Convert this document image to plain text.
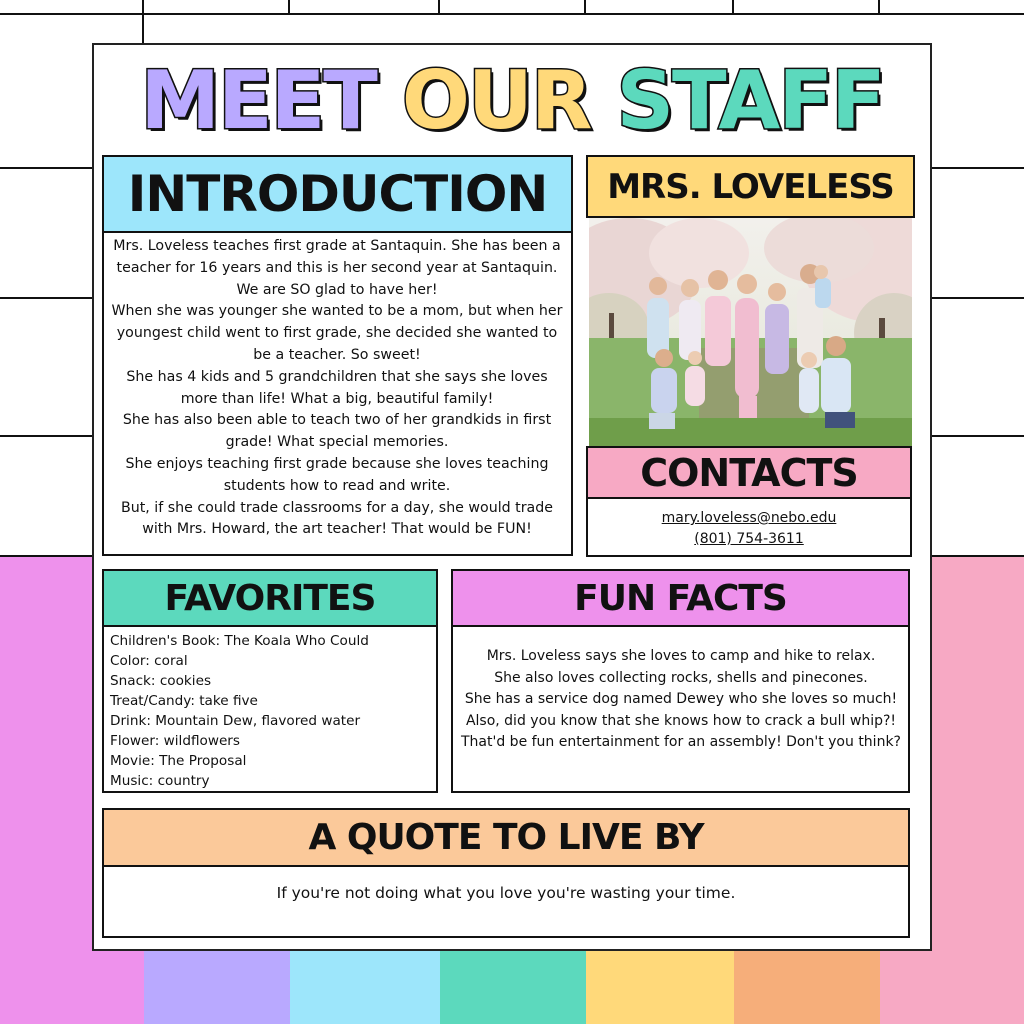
MEET OUR STAFF
INTRODUCTION

Mrs. Loveless teaches first grade at Santaquin. She has been a teacher for 16 years and this is her second year at Santaquin. We are SO glad to have her!

When she was younger she wanted to be a mom, but when her youngest child went to first grade, she decided she wanted to be a teacher. So sweet!

She has 4 kids and 5 grandchildren that she says she loves more than life! What a big, beautiful family!

She has also been able to teach two of her grandkids in first grade! What special memories.

She enjoys teaching first grade because she loves teaching students how to read and write.

But, if she could trade classrooms for a day, she would trade with Mrs. Howard, the art teacher! That would be FUN!

MRS. LOVELESS
CONTACTS
mary.loveless@nebo.edu
(801) 754-3611
FAVORITES
Children's Book: The Koala Who Could
Color: coral
Snack: cookies
Treat/Candy: take five
Drink: Mountain Dew, flavored water
Flower: wildflowers
Movie: The Proposal
Music: country
FUN FACTS
Mrs. Loveless says she loves to camp and hike to relax.
She also loves collecting rocks, shells and pinecones.
She has a service dog named Dewey who she loves so much!
Also, did you know that she knows how to crack a bull whip?! That'd be fun entertainment for an assembly! Don't you think?
A QUOTE TO LIVE BY
If you're not doing what you love you're wasting your time.
